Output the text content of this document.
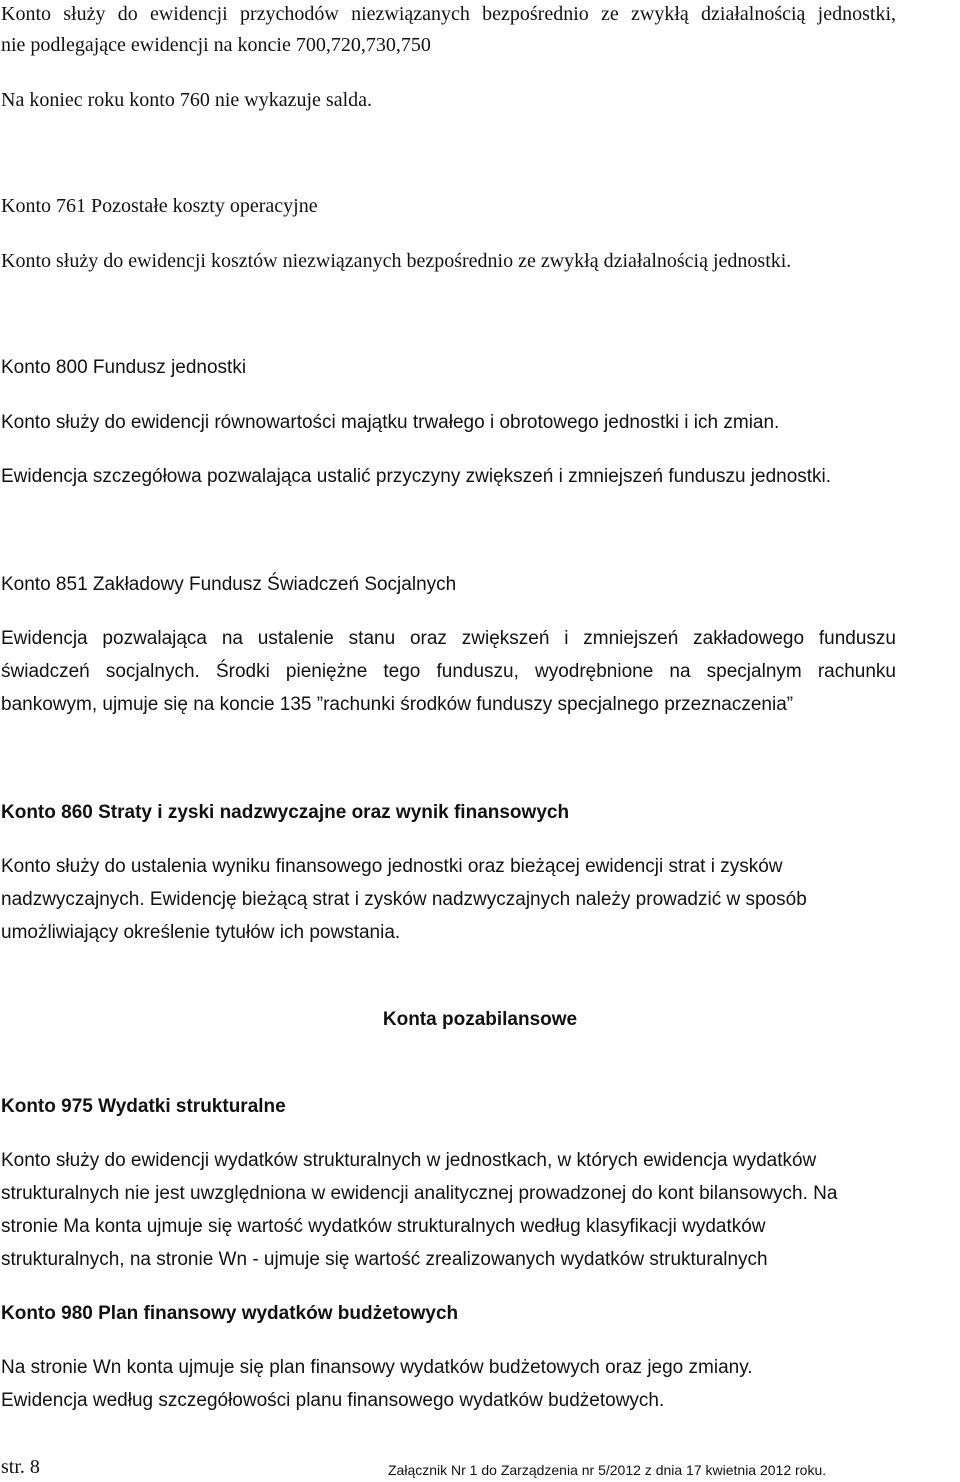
Konto służy do ewidencji przychodów niezwiązanych bezpośrednio ze zwykłą działalnością jednostki,
nie podlegające ewidencji na koncie 700,720,730,750
Na koniec roku konto 760 nie wykazuje salda.
Konto 761 Pozostałe koszty operacyjne
Konto służy do ewidencji kosztów niezwiązanych bezpośrednio ze zwykłą działalnością jednostki.
Konto 800 Fundusz jednostki
Konto służy do ewidencji równowartości majątku trwałego i obrotowego jednostki i ich zmian.
Ewidencja szczegółowa pozwalająca ustalić przyczyny zwiększeń i zmniejszeń funduszu jednostki.
Konto 851 Zakładowy Fundusz Świadczeń Socjalnych
Ewidencja pozwalająca na ustalenie stanu oraz zwiększeń i zmniejszeń zakładowego funduszu
świadczeń socjalnych. Środki pieniężne tego funduszu, wyodrębnione na specjalnym rachunku
bankowym, ujmuje się na koncie 135 ”rachunki środków funduszy specjalnego przeznaczenia”
Konto 860 Straty i zyski nadzwyczajne oraz wynik finansowych
Konto służy do ustalenia wyniku finansowego jednostki oraz bieżącej ewidencji strat i zysków
nadzwyczajnych. Ewidencję bieżącą strat i zysków nadzwyczajnych należy prowadzić w sposób
umożliwiający określenie tytułów ich powstania.
Konta pozabilansowe
Konto 975 Wydatki strukturalne
Konto służy do ewidencji wydatków strukturalnych w jednostkach, w których ewidencja wydatków
strukturalnych nie jest uwzględniona w ewidencji analitycznej prowadzonej do kont bilansowych. Na
stronie Ma konta ujmuje się wartość wydatków strukturalnych według klasyfikacji wydatków
strukturalnych, na stronie Wn - ujmuje się wartość zrealizowanych wydatków strukturalnych
Konto 980 Plan finansowy wydatków budżetowych
Na stronie Wn konta ujmuje się plan finansowy wydatków budżetowych oraz jego zmiany.
Ewidencja według szczegółowości planu finansowego wydatków budżetowych.
str. 8	Załącznik Nr 1 do Zarządzenia nr 5/2012 z dnia 17 kwietnia 2012 roku.
